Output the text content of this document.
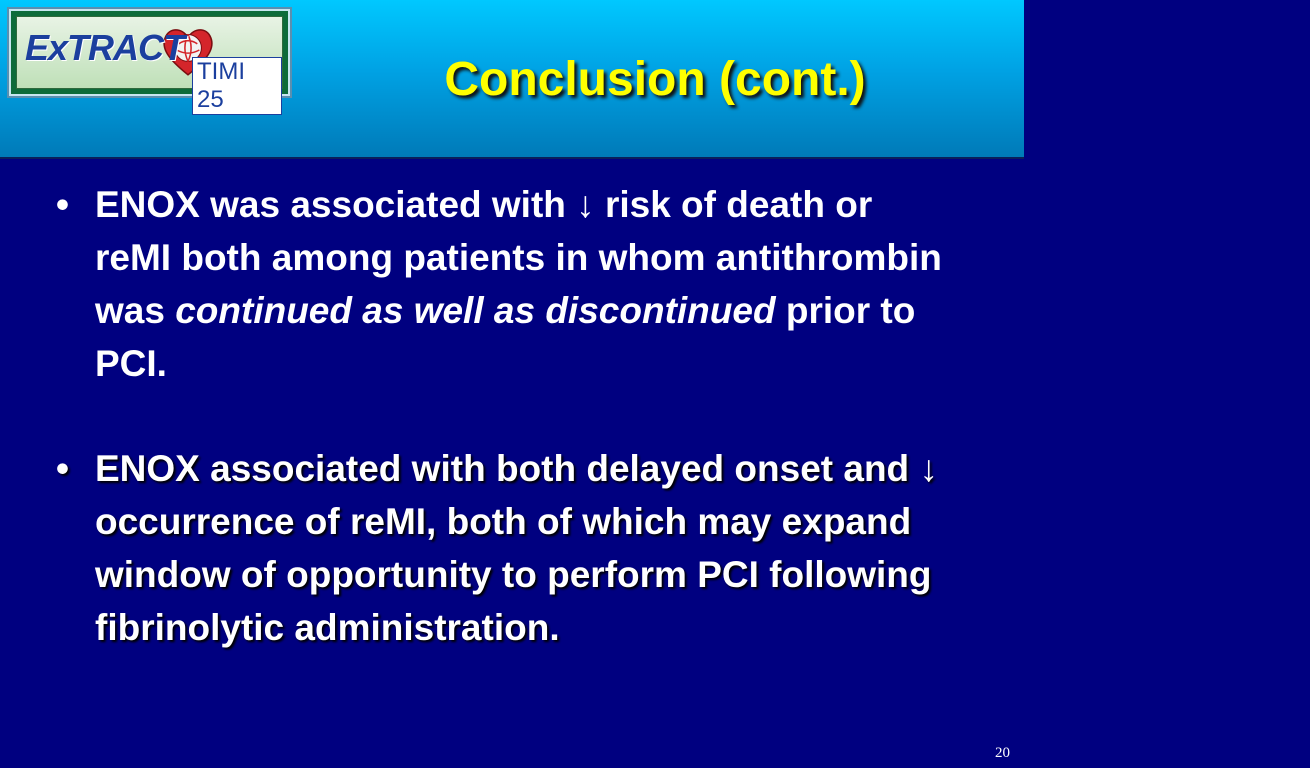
ExTRACT
TIMI 25	Conclusion (cont.)
• ENOX was associated with ↓ risk of death or reMI both among patients in whom antithrombin was continued as well as discontinued prior to PCI.
• ENOX associated with both delayed onset and ↓ occurrence of reMI, both of which may expand window of opportunity to perform PCI following fibrinolytic administration.
20
